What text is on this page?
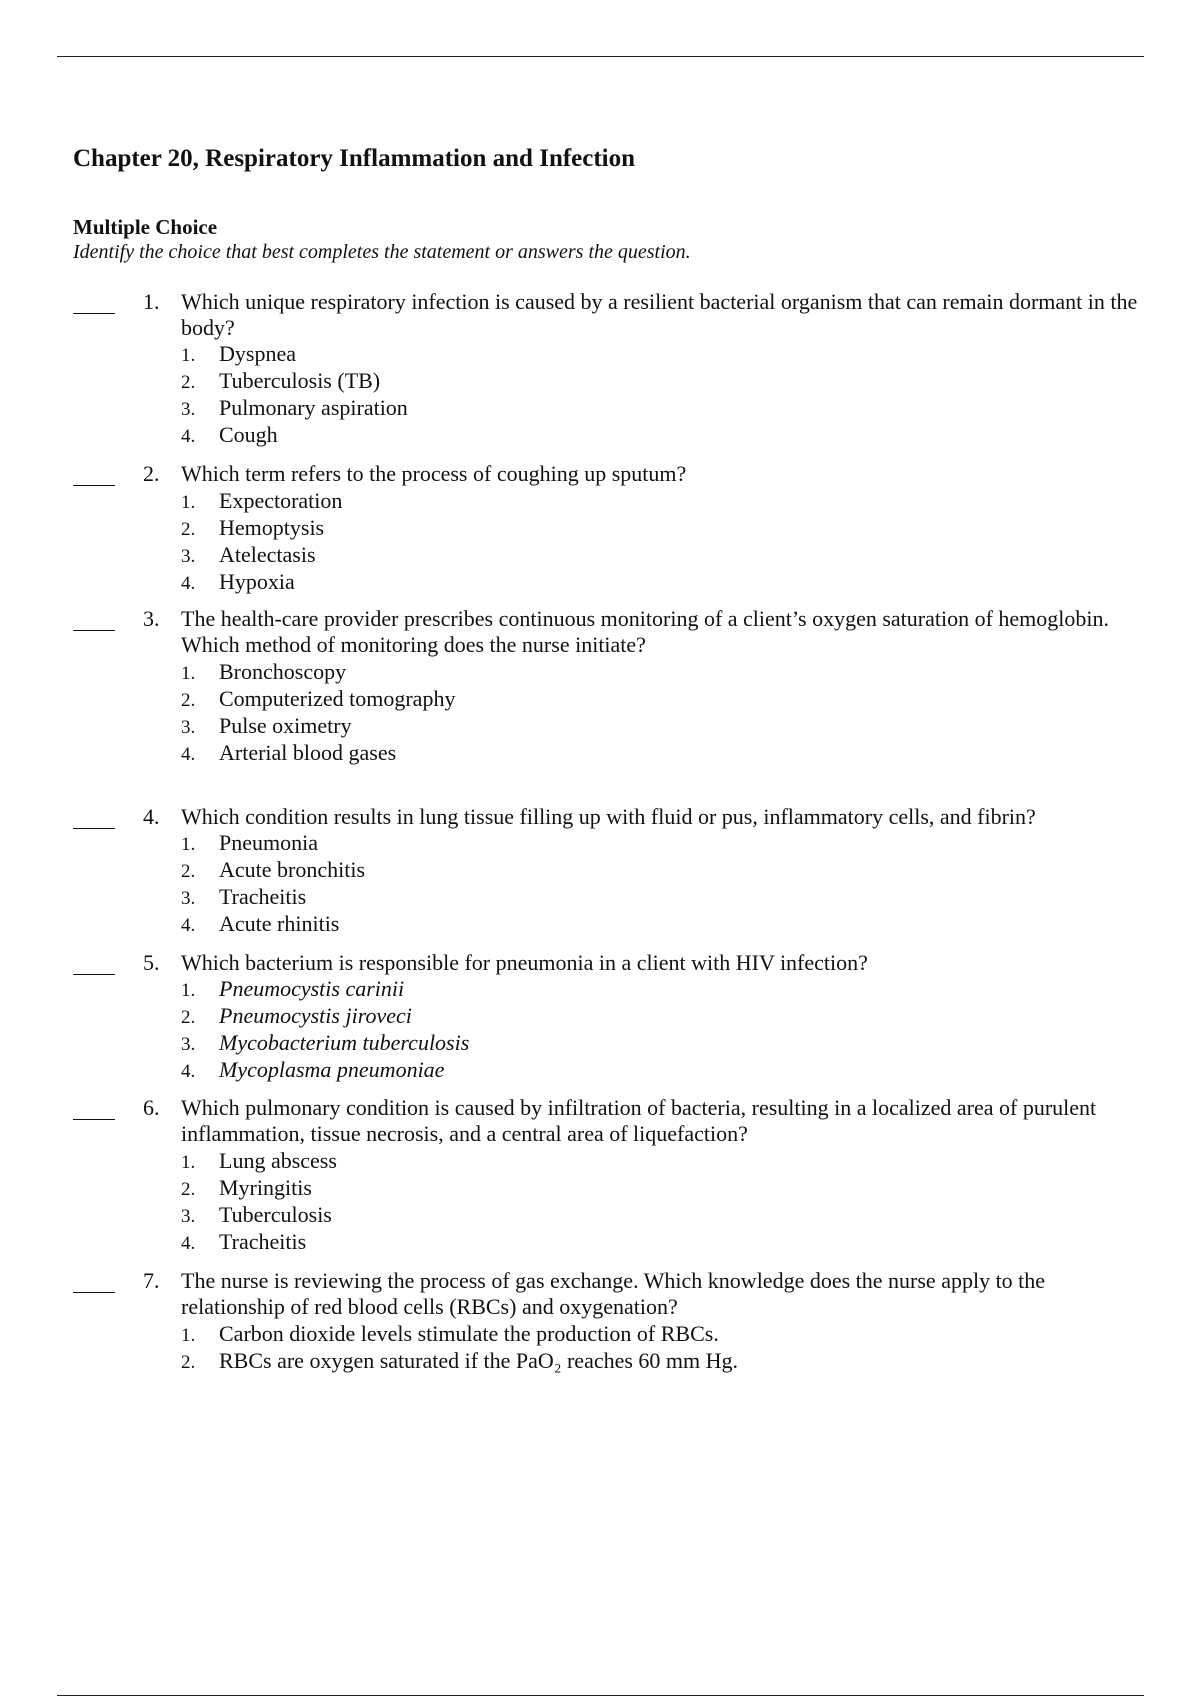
Chapter 20, Respiratory Inflammation and Infection
Multiple Choice
Identify the choice that best completes the statement or answers the question.
1. Which unique respiratory infection is caused by a resilient bacterial organism that can remain dormant in the body?
1. Dyspnea
2. Tuberculosis (TB)
3. Pulmonary aspiration
4. Cough
2. Which term refers to the process of coughing up sputum?
1. Expectoration
2. Hemoptysis
3. Atelectasis
4. Hypoxia
3. The health-care provider prescribes continuous monitoring of a client’s oxygen saturation of hemoglobin. Which method of monitoring does the nurse initiate?
1. Bronchoscopy
2. Computerized tomography
3. Pulse oximetry
4. Arterial blood gases
4. Which condition results in lung tissue filling up with fluid or pus, inflammatory cells, and fibrin?
1. Pneumonia
2. Acute bronchitis
3. Tracheitis
4. Acute rhinitis
5. Which bacterium is responsible for pneumonia in a client with HIV infection?
1. Pneumocystis carinii
2. Pneumocystis jiroveci
3. Mycobacterium tuberculosis
4. Mycoplasma pneumoniae
6. Which pulmonary condition is caused by infiltration of bacteria, resulting in a localized area of purulent inflammation, tissue necrosis, and a central area of liquefaction?
1. Lung abscess
2. Myringitis
3. Tuberculosis
4. Tracheitis
7. The nurse is reviewing the process of gas exchange. Which knowledge does the nurse apply to the relationship of red blood cells (RBCs) and oxygenation?
1. Carbon dioxide levels stimulate the production of RBCs.
2. RBCs are oxygen saturated if the PaO₂ reaches 60 mm Hg.
